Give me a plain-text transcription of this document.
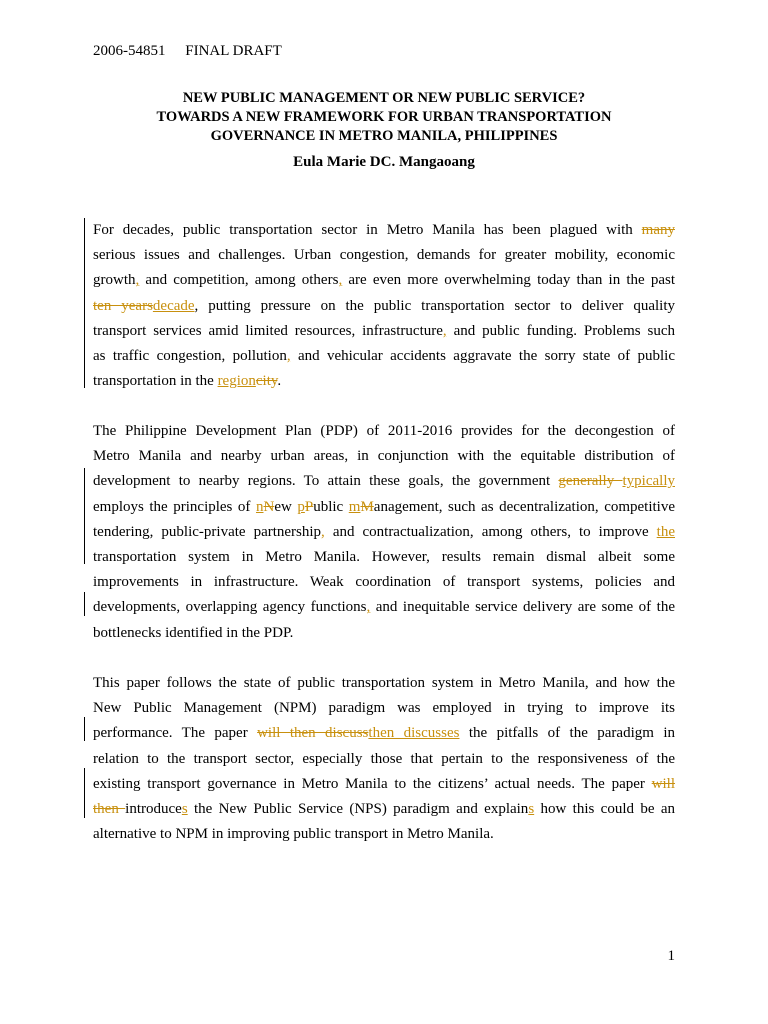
2006-54851 FINAL DRAFT
NEW PUBLIC MANAGEMENT OR NEW PUBLIC SERVICE?
TOWARDS A NEW FRAMEWORK FOR URBAN TRANSPORTATION
GOVERNANCE IN METRO MANILA, PHILIPPINES
Eula Marie DC. Mangaoang
For decades, public transportation sector in Metro Manila has been plagued with many
serious issues and challenges. Urban congestion, demands for greater mobility, economic
growth, and competition, among others, are even more overwhelming today than in the past
ten yearsdecade, putting pressure on the public transportation sector to deliver quality
transport services amid limited resources, infrastructure, and public funding. Problems such
as traffic congestion, pollution, and vehicular accidents aggravate the sorry state of public
transportation in the regioncity.
The Philippine Development Plan (PDP) of 2011-2016 provides for the decongestion of
Metro Manila and nearby urban areas, in conjunction with the equitable distribution of
development to nearby regions. To attain these goals, the government generally typically
employs the principles of nNew pPublic mManagement, such as decentralization, competitive
tendering, public-private partnership, and contractualization, among others, to improve the
transportation system in Metro Manila. However, results remain dismal albeit some
improvements in infrastructure. Weak coordination of transport systems, policies and
developments, overlapping agency functions, and inequitable service delivery are some of the
bottlenecks identified in the PDP.
This paper follows the state of public transportation system in Metro Manila, and how the
New Public Management (NPM) paradigm was employed in trying to improve its
performance. The paper will then discussthen discusses the pitfalls of the paradigm in
relation to the transport sector, especially those that pertain to the responsiveness of the
existing transport governance in Metro Manila to the citizens’ actual needs. The paper will
then introduces the New Public Service (NPS) paradigm and explains how this could be an
alternative to NPM in improving public transport in Metro Manila.
1
